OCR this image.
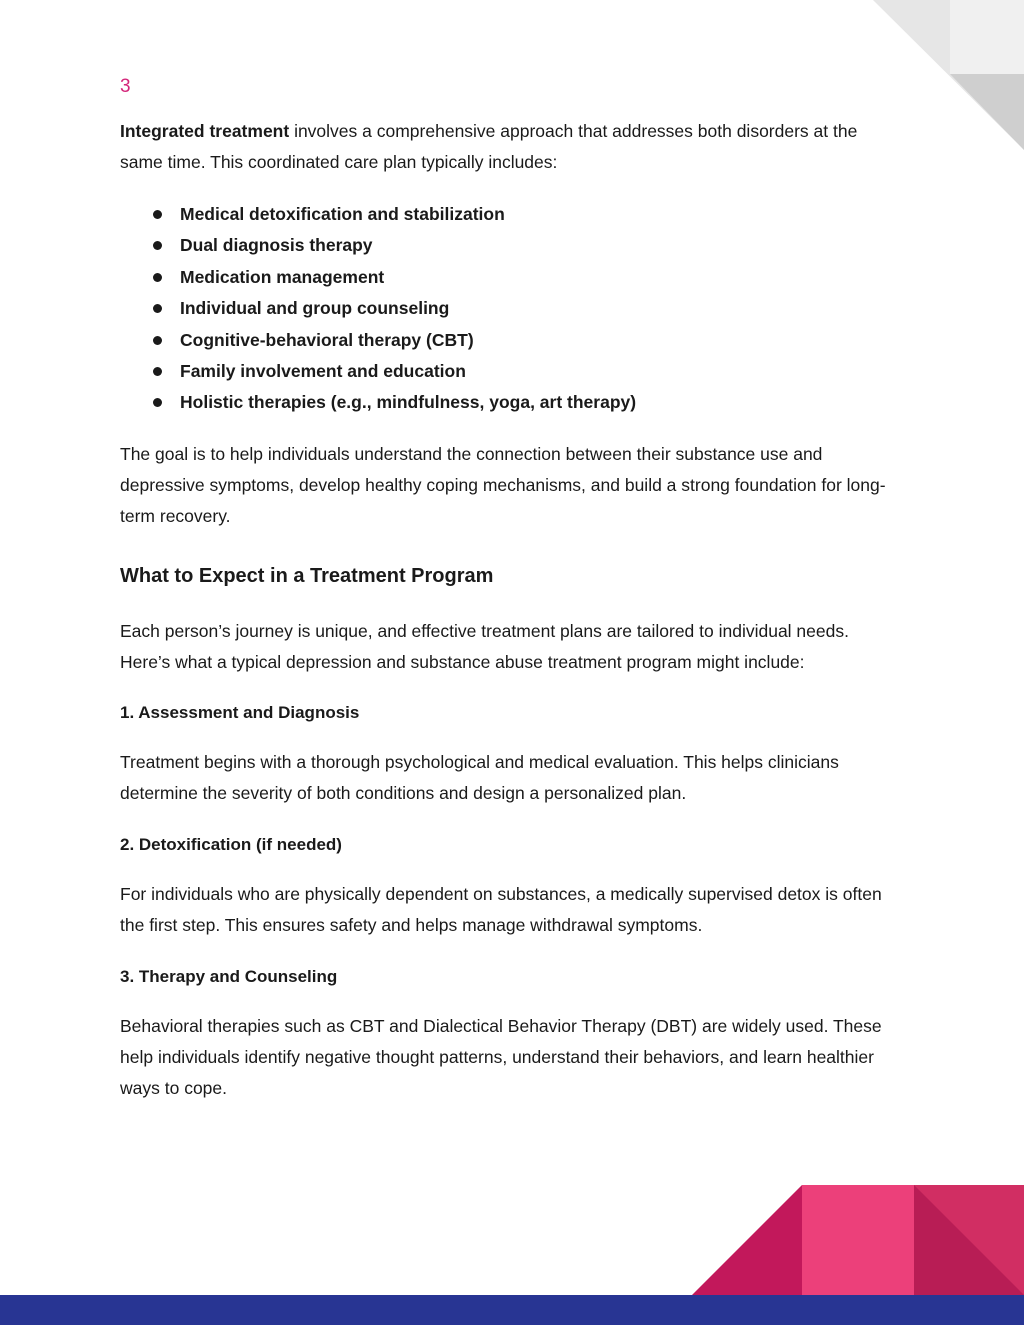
3

Integrated treatment involves a comprehensive approach that addresses both disorders at the same time. This coordinated care plan typically includes:

Medical detoxification and stabilization
Dual diagnosis therapy
Medication management
Individual and group counseling
Cognitive-behavioral therapy (CBT)
Family involvement and education
Holistic therapies (e.g., mindfulness, yoga, art therapy)

The goal is to help individuals understand the connection between their substance use and depressive symptoms, develop healthy coping mechanisms, and build a strong foundation for long-term recovery.

What to Expect in a Treatment Program

Each person’s journey is unique, and effective treatment plans are tailored to individual needs. Here’s what a typical depression and substance abuse treatment program might include:

1. Assessment and Diagnosis

Treatment begins with a thorough psychological and medical evaluation. This helps clinicians determine the severity of both conditions and design a personalized plan.

2. Detoxification (if needed)

For individuals who are physically dependent on substances, a medically supervised detox is often the first step. This ensures safety and helps manage withdrawal symptoms.

3. Therapy and Counseling

Behavioral therapies such as CBT and Dialectical Behavior Therapy (DBT) are widely used. These help individuals identify negative thought patterns, understand their behaviors, and learn healthier ways to cope.
